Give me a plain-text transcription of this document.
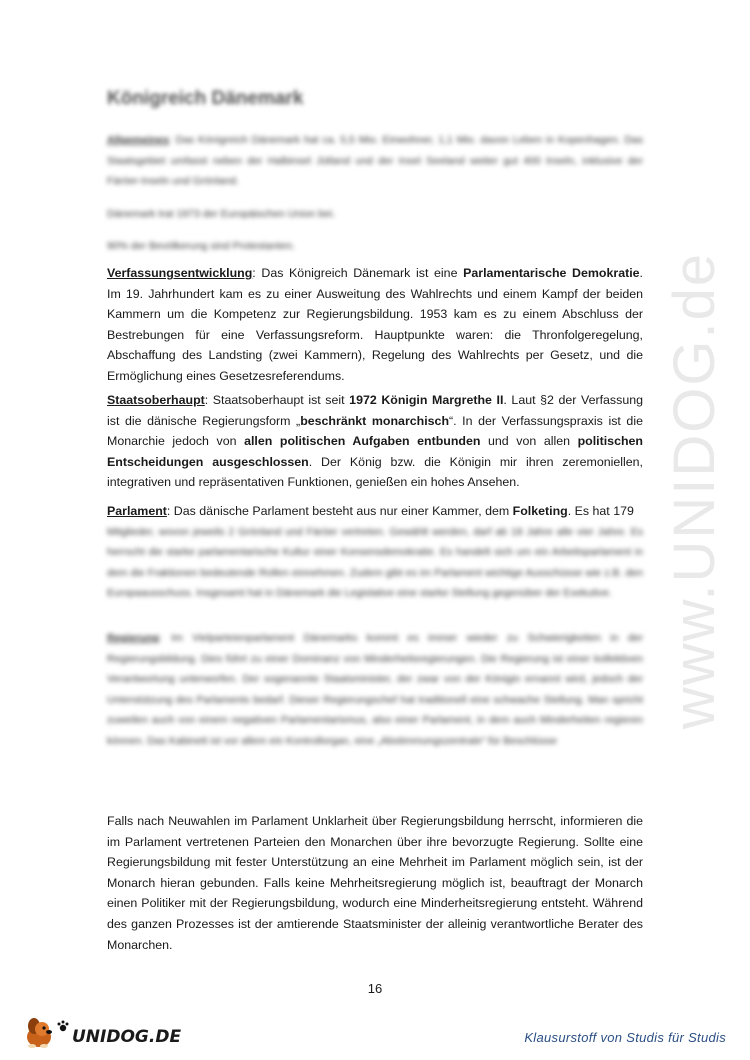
www.UNIDOG.de
Königreich Dänemark

Allgemeines: Das Königreich Dänemark hat ca. 5,5 Mio. Einwohner, 1,1 Mio. davon Leben in Kopenhagen. Das Staatsgebiet umfasst neben der Halbinsel Jütland und der Insel Seeland weiter gut 400 Inseln, inklusive der Färöer-Inseln und Grönland.

Dänemark trat 1973 der Europäischen Union bei.

90% der Bevölkerung sind Protestanten.

Verfassungsentwicklung: Das Königreich Dänemark ist eine Parlamentarische Demokratie. Im 19. Jahrhundert kam es zu einer Ausweitung des Wahlrechts und einem Kampf der beiden Kammern um die Kompetenz zur Regierungsbildung. 1953 kam es zu einem Abschluss der Bestrebungen für eine Verfassungsreform. Hauptpunkte waren: die Thronfolgeregelung, Abschaffung des Landsting (zwei Kammern), Regelung des Wahlrechts per Gesetz, und die Ermöglichung eines Gesetzesreferendums.

Staatsoberhaupt: Staatsoberhaupt ist seit 1972 Königin Margrethe II. Laut §2 der Verfassung ist die dänische Regierungsform „beschränkt monarchisch“. In der Verfassungspraxis ist die Monarchie jedoch von allen politischen Aufgaben entbunden und von allen politischen Entscheidungen ausgeschlossen. Der König bzw. die Königin mir ihren zeremoniellen, integrativen und repräsentativen Funktionen, genießen ein hohes Ansehen.

Parlament: Das dänische Parlament besteht aus nur einer Kammer, dem Folketing. Es hat 179

Mitglieder, wovon jeweils 2 Grönland und Färöer vertreten. Gewählt werden, darf ab 18 Jahre alle vier Jahre. Es herrscht die starke parlamentarische Kultur einer Konsensdemokratie. Es handelt sich um ein Arbeitsparlament in dem die Fraktionen bedeutende Rollen einnehmen. Zudem gibt es im Parlament wichtige Ausschüsse wie z.B. den Europaausschuss. Insgesamt hat in Dänemark die Legislative eine starke Stellung gegenüber der Exekutive.

Regierung: Im Vielparteienparlament Dänemarks kommt es immer wieder zu Schwierigkeiten in der Regierungsbildung. Dies führt zu einer Dominanz von Minderheitsregierungen. Die Regierung ist einer kollektiven Verantwortung unterworfen. Der sogenannte Staatsminister, der zwar von der Königin ernannt wird, jedoch der Unterstützung des Parlaments bedarf. Dieser Regierungschef hat traditionell eine schwache Stellung. Man spricht zuweilen auch von einem negativen Parlamentarismus, also einer Parlament, in dem auch Minderheiten regieren können. Das Kabinett ist vor allem ein Kontrollorgan, eine „Abstimmungszentrale“ für Beschlüsse

Falls nach Neuwahlen im Parlament Unklarheit über Regierungsbildung herrscht, informieren die im Parlament vertretenen Parteien den Monarchen über ihre bevorzugte Regierung. Sollte eine Regierungsbildung mit fester Unterstützung an eine Mehrheit im Parlament möglich sein, ist der Monarch hieran gebunden. Falls keine Mehrheitsregierung möglich ist, beauftragt der Monarch einen Politiker mit der Regierungsbildung, wodurch eine Minderheitsregierung entsteht. Während des ganzen Prozesses ist der amtierende Staatsminister der alleinig verantwortliche Berater des Monarchen.

16
UNIDOG.DE	Klausurstoff von Studis für Studis
